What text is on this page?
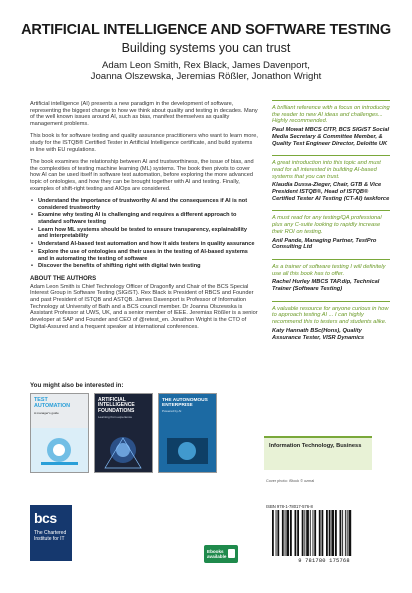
ARTIFICIAL INTELLIGENCE AND SOFTWARE TESTING
Building systems you can trust
Adam Leon Smith, Rex Black, James Davenport,
Joanna Olszewska, Jeremias Rößler, Jonathon Wright

Artificial intelligence (AI) presents a new paradigm in the development of software, representing the biggest change to how we think about quality and testing in decades. Many of the well known issues around AI, such as bias, manifest themselves as quality management problems.

This book is for software testing and quality assurance practitioners who want to learn more, study for the ISTQB® Certified Tester in Artificial Intelligence certificate, and build systems in line with EU regulations.

The book examines the relationship between AI and trustworthiness, the issue of bias, and the complexities of testing machine learning (ML) systems. The book then pivots to cover how AI can be used itself in software test automation, before exploring the more advanced topic of ontologies, and how they can be brought together with AI and testing. Finally, examples of shift-right testing and AIOps are considered.

• Understand the importance of trustworthy AI and the consequences if AI is not considered trustworthy
• Examine why testing AI is challenging and requires a different approach to standard software testing
• Learn how ML systems should be tested to ensure transparency, explainability and interpretability
• Understand AI-based test automation and how it aids testers in quality assurance
• Explore the use of ontologies and their uses in the testing of AI-based systems and in automating the testing of software
• Discover the benefits of shifting right with digital twin testing
ABOUT THE AUTHORS

Adam Leon Smith is Chief Technology Officer of Dragonfly and Chair of the BCS Special Interest Group in Software Testing (SIGiST). Rex Black is President of RBCS and Founder and past President of ISTQB and ASTQB. James Davenport is Professor of Information Technology at University of Bath and a BCS council member. Dr Joanna Olszewska is Assistant Professor at UWS, UK, and a senior member of IEEE. Jeremias Rößler is a senior developer at SAP and Founder and CEO of @retest_en. Jonathon Wright is the CTO of Digital-Assured and a frequent speaker at international conferences.

A brilliant reference with a focus on introducing the reader to new AI ideas and challenges... Highly recommended.
Paul Mowat MBCS CITP, BCS SIGiST Social Media Secretary & Committee Member, & Quality Test Engineer Director, Deloitte UK
A great introduction into this topic and must read for all interested in building AI-based systems that you can trust.
Klaudia Dussa-Zieger, Chair, GTB & Vice President ISTQB®, Head of ISTQB® Certified Tester AI Testing (CT-AI) taskforce
A must read for any testing/QA professional plus any C-suite looking to rapidly increase their ROI on testing.
Anil Pande, Managing Partner, TestPro Consulting Ltd
As a trainer of software testing I will definitely use all this book has to offer.
Rachel Hurley MBCS TAP.dip, Technical Trainer (Software Testing)
A valuable resource for anyone curious in how to approach testing AI ... I can highly recommend this to testers and students alike.
Katy Hannath BSc(Hons), Quality Assurance Tester, VISR Dynamics
You might also be interested in:
TEST
AUTOMATION
A manager's guide
ARTIFICIAL
INTELLIGENCE
FOUNDATIONS
Learning from experience
THE AUTONOMOUS
ENTERPRISE
Powered by AI
Information Technology, Business
Cover photo: iStock © ozmal
bcs
The Chartered Institute for IT
Ebooks available
ISBN 978-1-78017-576-8
9 781780 175768
